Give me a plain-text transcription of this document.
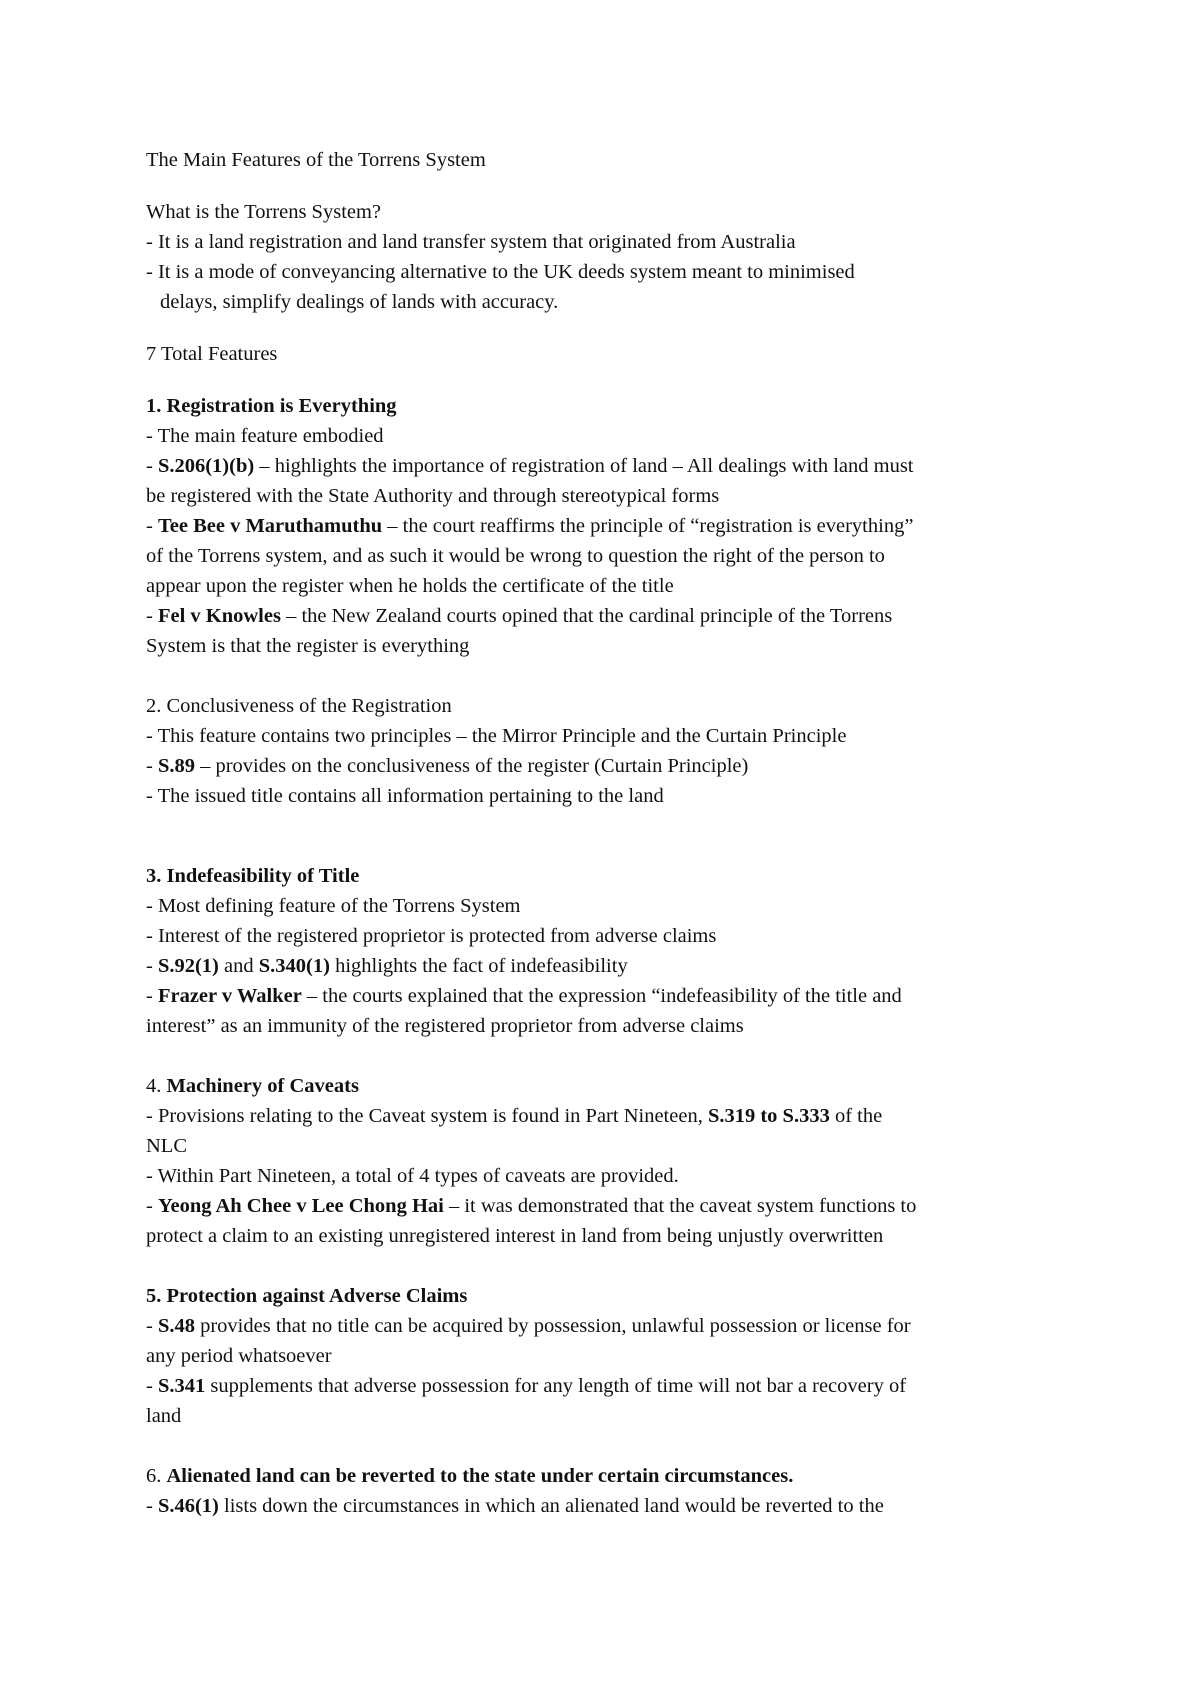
The Main Features of the Torrens System

What is the Torrens System?

- It is a land registration and land transfer system that originated from Australia

- It is a mode of conveyancing alternative to the UK deeds system meant to minimised

delays, simplify dealings of lands with accuracy.

7 Total Features

1. Registration is Everything

- The main feature embodied

- S.206(1)(b) – highlights the importance of registration of land – All dealings with land must

be registered with the State Authority and through stereotypical forms

- Tee Bee v Maruthamuthu – the court reaffirms the principle of “registration is everything”

of the Torrens system, and as such it would be wrong to question the right of the person to

appear upon the register when he holds the certificate of the title

- Fel v Knowles – the New Zealand courts opined that the cardinal principle of the Torrens

System is that the register is everything

2. Conclusiveness of the Registration

- This feature contains two principles – the Mirror Principle and the Curtain Principle

- S.89 – provides on the conclusiveness of the register (Curtain Principle)

- The issued title contains all information pertaining to the land

3. Indefeasibility of Title

- Most defining feature of the Torrens System

- Interest of the registered proprietor is protected from adverse claims

- S.92(1) and S.340(1) highlights the fact of indefeasibility

- Frazer v Walker – the courts explained that the expression “indefeasibility of the title and

interest” as an immunity of the registered proprietor from adverse claims

4. Machinery of Caveats

- Provisions relating to the Caveat system is found in Part Nineteen, S.319 to S.333 of the

NLC

- Within Part Nineteen, a total of 4 types of caveats are provided.

- Yeong Ah Chee v Lee Chong Hai – it was demonstrated that the caveat system functions to

protect a claim to an existing unregistered interest in land from being unjustly overwritten

5. Protection against Adverse Claims

- S.48 provides that no title can be acquired by possession, unlawful possession or license for

any period whatsoever

- S.341 supplements that adverse possession for any length of time will not bar a recovery of

land

6. Alienated land can be reverted to the state under certain circumstances.

- S.46(1) lists down the circumstances in which an alienated land would be reverted to the
